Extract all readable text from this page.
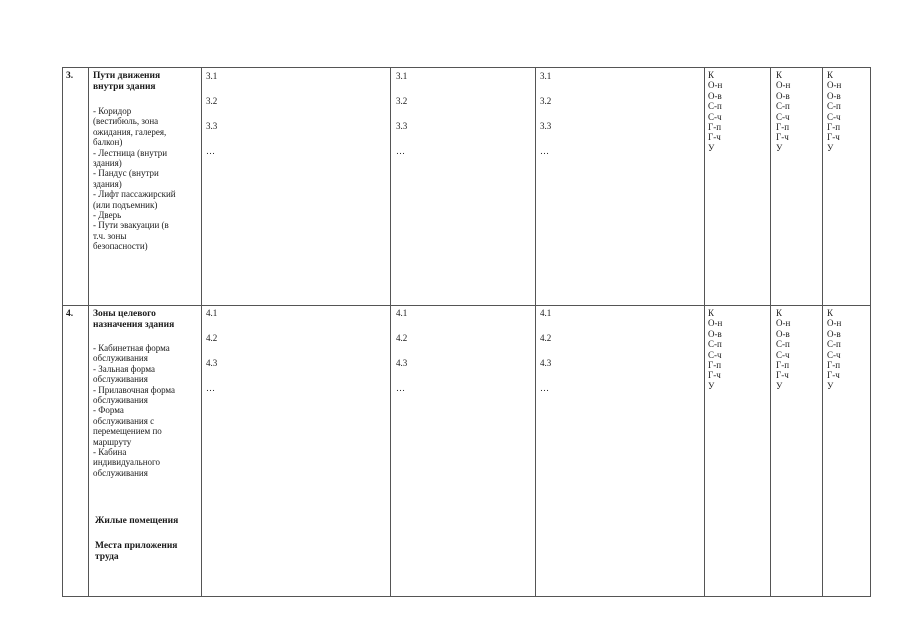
3. Пути движения
внутри здания
- Коридор
(вестибюль, зона
ожидания, галерея,
балкон)
- Лестница (внутри
здания)
- Пандус (внутри
здания)
- Лифт пассажирский
(или подъемник)
- Дверь
- Пути эвакуации (в
т.ч. зоны
безопасности)
3.1
3.2
3.3
…
3.1
3.2
3.3
…
3.1
3.2
3.3
…
К
О-н
О-в
С-п
С-ч
Г-п
Г-ч
У
К
О-н
О-в
С-п
С-ч
Г-п
Г-ч
У
К
О-н
О-в
С-п
С-ч
Г-п
Г-ч
У
4. Зоны целевого
назначения здания
- Кабинетная форма
обслуживания
- Зальная форма
обслуживания
- Прилавочная форма
обслуживания
- Форма
обслуживания с
перемещением по
маршруту
- Кабина
индивидуального
обслуживания
Жилые помещения
Места приложения
труда
4.1
4.2
4.3
…
4.1
4.2
4.3
…
4.1
4.2
4.3
…
К
О-н
О-в
С-п
С-ч
Г-п
Г-ч
У
К
О-н
О-в
С-п
С-ч
Г-п
Г-ч
У
К
О-н
О-в
С-п
С-ч
Г-п
Г-ч
У
